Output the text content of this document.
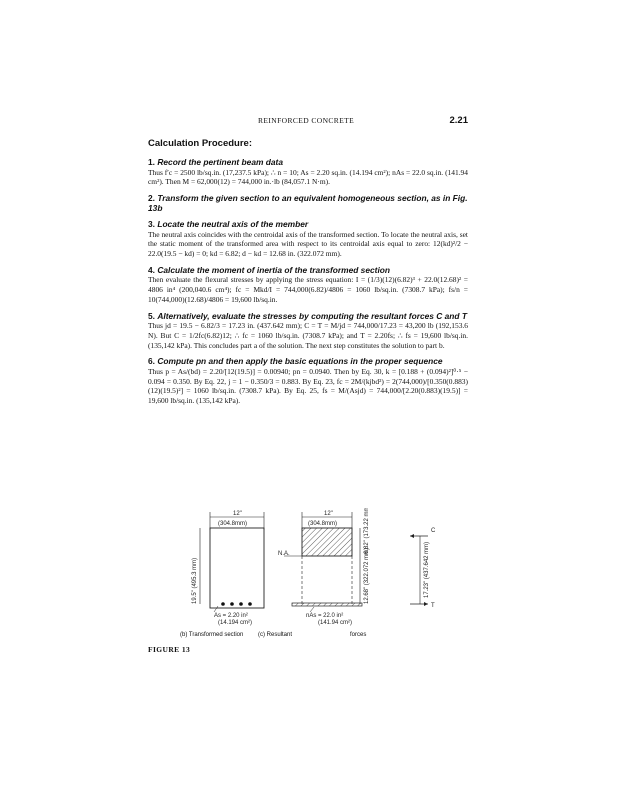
REINFORCED CONCRETE	2.21
Calculation Procedure:
1. Record the pertinent beam data
Thus f′c = 2500 lb/sq.in. (17,237.5 kPa); ∴ n = 10; As = 2.20 sq.in. (14.194 cm²); nAs = 22.0 sq.in. (141.94 cm²). Then M = 62,000(12) = 744,000 in.·lb (84,057.1 N·m).
2. Transform the given section to an equivalent homogeneous section, as in Fig. 13b
3. Locate the neutral axis of the member
The neutral axis coincides with the centroidal axis of the transformed section. To locate the neutral axis, set the static moment of the transformed area with respect to its centroidal axis equal to zero: 12(kd)²/2 − 22.0(19.5 − kd) = 0; kd = 6.82; d − kd = 12.68 in. (322.072 mm).
4. Calculate the moment of inertia of the transformed section
Then evaluate the flexural stresses by applying the stress equation: I = (1/3)(12)(6.82)³ + 22.0(12.68)² = 4806 in⁴ (200,040.6 cm⁴); fc = Mkd/I = 744,000(6.82)/4806 = 1060 lb/sq.in. (7308.7 kPa); fs/n = 10(744,000)(12.68)/4806 = 19,600 lb/sq.in.
5. Alternatively, evaluate the stresses by computing the resultant forces C and T
Thus jd = 19.5 − 6.82/3 = 17.23 in. (437.642 mm); C = T = M/jd = 744,000/17.23 = 43,200 lb (192,153.6 N). But C = 1/2fc(6.82)12; ∴ fc = 1060 lb/sq.in. (7308.7 kPa); and T = 2.20fs; ∴ fs = 19,600 lb/sq.in. (135,142 kPa). This concludes part a of the solution. The next step constitutes the solution to part b.
6. Compute pn and then apply the basic equations in the proper sequence
Thus p = As/(bd) = 2.20/[12(19.5)] = 0.00940; pn = 0.0940. Then by Eq. 30, k = [0.188 + (0.094)²]⁰·⁵ − 0.094 = 0.350. By Eq. 22, j = 1 − 0.350/3 = 0.883. By Eq. 23, fc = 2M/(kjbd²) = 2(744,000)/[0.350(0.883)(12)(19.5)²] = 1060 lb/sq.in. (7308.7 kPa). By Eq. 25, fs = M/(Asjd) = 744,000/[2.20(0.883)(19.5)] = 19,600 lb/sq.in. (135,142 kPa).
12"
(304.8mm)
19.5" (495.3 mm)
As = 2.20 in²
(14.194 cm²)
12"
(304.8mm)
N.A.	6.82" (173.22 mm)
12.68" (322.072 mm)
nAs = 22.0 in²
(141.94 cm²)
C
T
17.23" (437.642 mm)
(b) Transformed section (c) Resultant	forces
FIGURE 13
